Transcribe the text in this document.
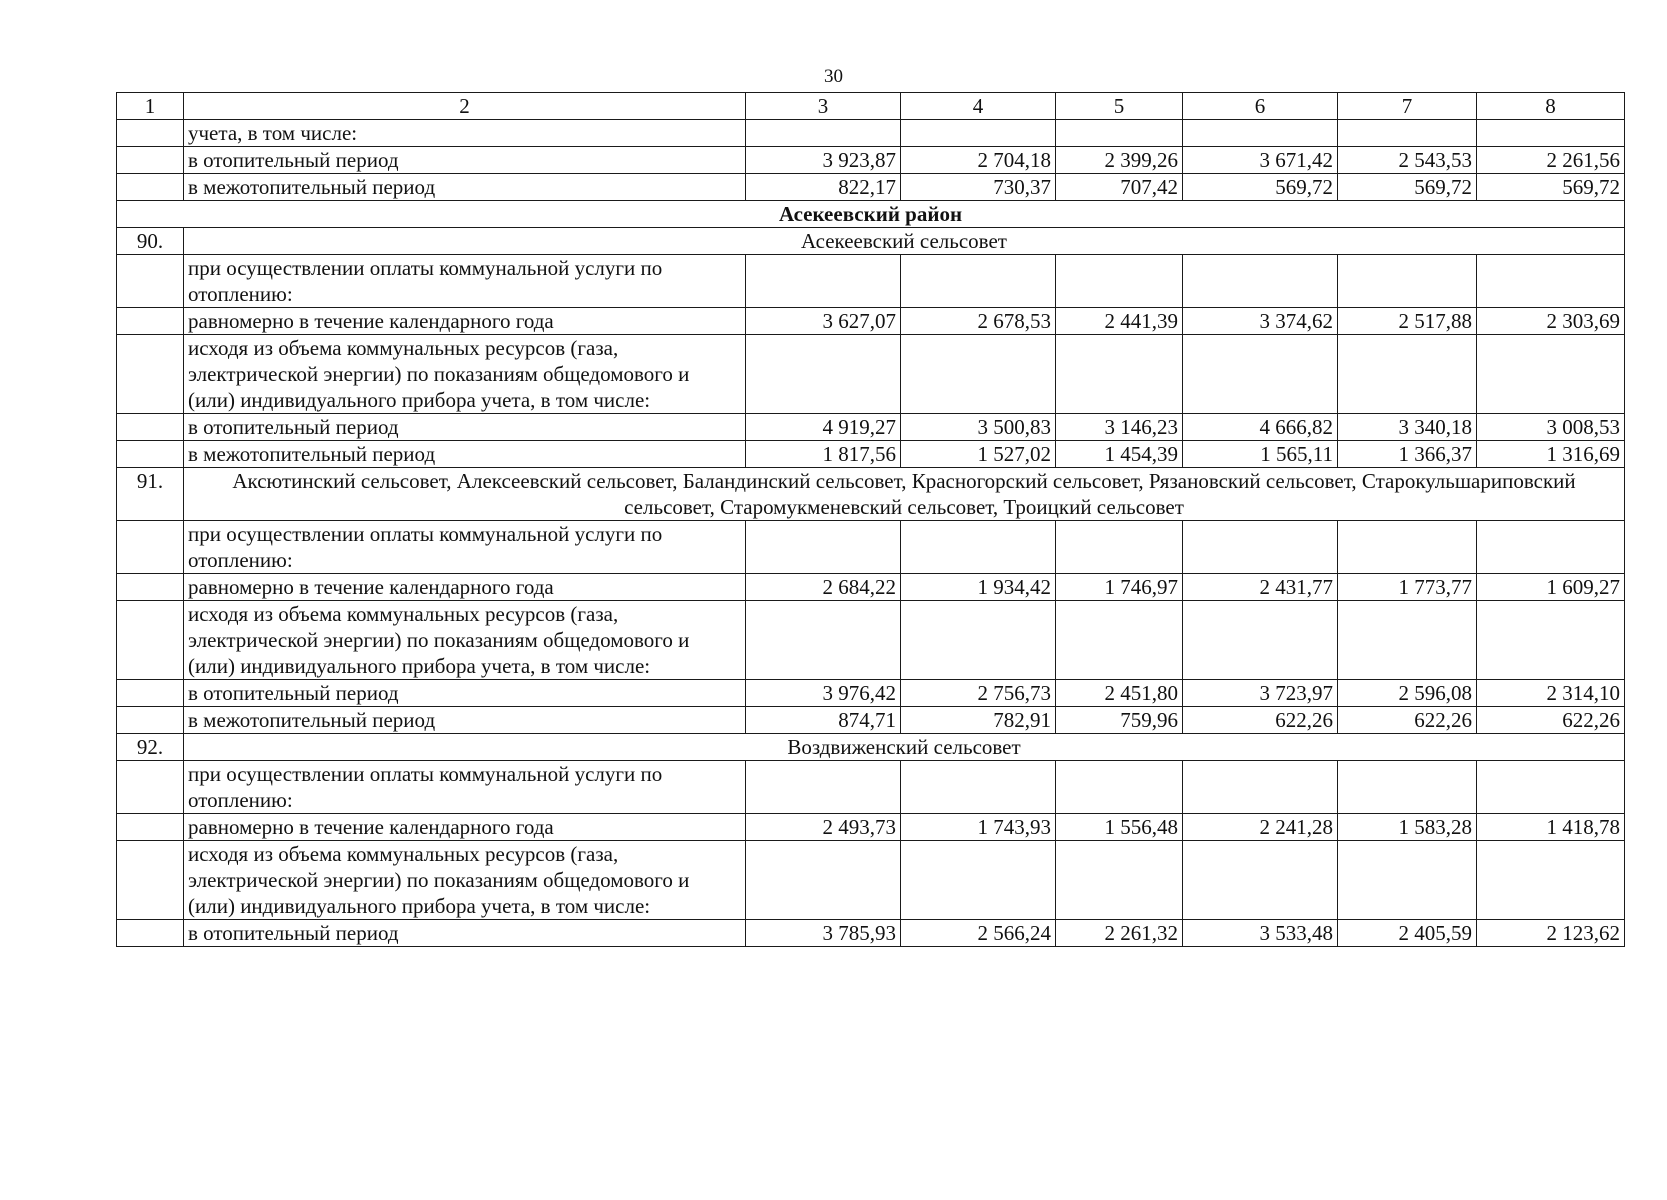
30
1	2	3	4	5	6	7	8
	учета, в том числе:						
	в отопительный период	3 923,87	2 704,18	2 399,26	3 671,42	2 543,53	2 261,56
	в межотопительный период	822,17	730,37	707,42	569,72	569,72	569,72
Асекеевский район							
90.	Асекеевский сельсовет						
	при осуществлении оплаты коммунальной услуги по отоплению:						
	равномерно в течение календарного года	3 627,07	2 678,53	2 441,39	3 374,62	2 517,88	2 303,69
	исходя из объема коммунальных ресурсов (газа, электрической энергии) по показаниям общедомового и (или) индивидуального прибора учета, в том числе:						
	в отопительный период	4 919,27	3 500,83	3 146,23	4 666,82	3 340,18	3 008,53
	в межотопительный период	1 817,56	1 527,02	1 454,39	1 565,11	1 366,37	1 316,69
91.	Аксютинский сельсовет, Алексеевский сельсовет, Баландинский сельсовет, Красногорский сельсовет, Рязановский сельсовет, Старокульшариповский сельсовет, Старомукменевский сельсовет, Троицкий сельсовет						
	при осуществлении оплаты коммунальной услуги по отоплению:						
	равномерно в течение календарного года	2 684,22	1 934,42	1 746,97	2 431,77	1 773,77	1 609,27
	исходя из объема коммунальных ресурсов (газа, электрической энергии) по показаниям общедомового и (или) индивидуального прибора учета, в том числе:						
	в отопительный период	3 976,42	2 756,73	2 451,80	3 723,97	2 596,08	2 314,10
	в межотопительный период	874,71	782,91	759,96	622,26	622,26	622,26
92.	Воздвиженский сельсовет						
	при осуществлении оплаты коммунальной услуги по отоплению:						
	равномерно в течение календарного года	2 493,73	1 743,93	1 556,48	2 241,28	1 583,28	1 418,78
	исходя из объема коммунальных ресурсов (газа, электрической энергии) по показаниям общедомового и (или) индивидуального прибора учета, в том числе:						
	в отопительный период	3 785,93	2 566,24	2 261,32	3 533,48	2 405,59	2 123,62
